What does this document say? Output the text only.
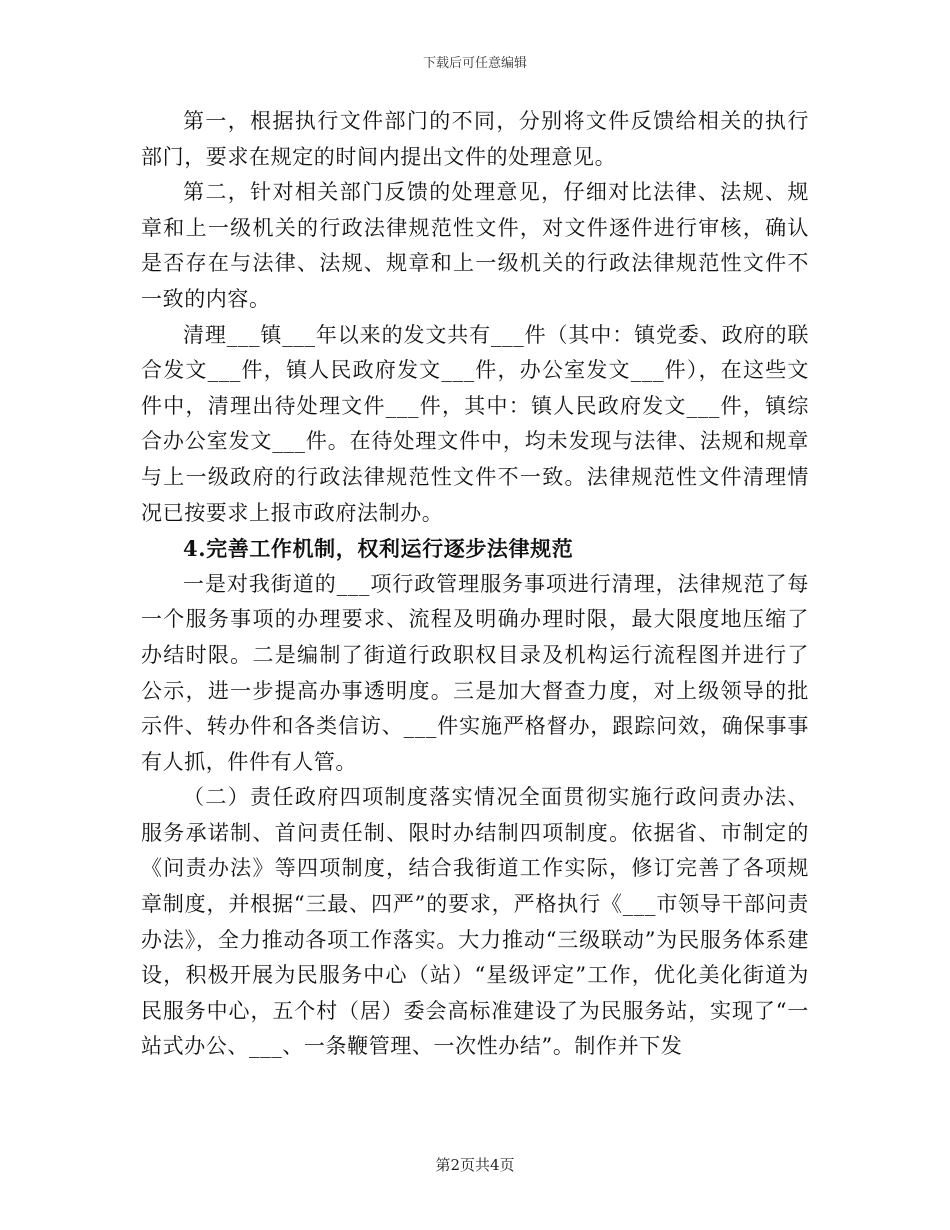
下载后可任意编辑

第一，根据执行文件部门的不同，分别将文件反馈给相关的执行部门，要求在规定的时间内提出文件的处理意见。

第二，针对相关部门反馈的处理意见，仔细对比法律、法规、规章和上一级机关的行政法律规范性文件，对文件逐件进行审核，确认是否存在与法律、法规、规章和上一级机关的行政法律规范性文件不一致的内容。

清理___镇___年以来的发文共有___件（其中：镇党委、政府的联合发文___件，镇人民政府发文___件，办公室发文___件），在这些文件中，清理出待处理文件___件，其中：镇人民政府发文___件，镇综合办公室发文___件。在待处理文件中，均未发现与法律、法规和规章与上一级政府的行政法律规范性文件不一致。法律规范性文件清理情况已按要求上报市政府法制办。

4.完善工作机制，权利运行逐步法律规范

一是对我街道的___项行政管理服务事项进行清理，法律规范了每一个服务事项的办理要求、流程及明确办理时限，最大限度地压缩了办结时限。二是编制了街道行政职权目录及机构运行流程图并进行了公示，进一步提高办事透明度。三是加大督查力度，对上级领导的批示件、转办件和各类信访、___件实施严格督办，跟踪问效，确保事事有人抓，件件有人管。

（二）责任政府四项制度落实情况全面贯彻实施行政问责办法、服务承诺制、首问责任制、限时办结制四项制度。依据省、市制定的《问责办法》等四项制度，结合我街道工作实际，修订完善了各项规章制度，并根据“三最、四严”的要求，严格执行《___市领导干部问责办法》，全力推动各项工作落实。大力推动“三级联动”为民服务体系建设，积极开展为民服务中心（站）“星级评定”工作，优化美化街道为民服务中心，五个村（居）委会高标准建设了为民服务站，实现了“一站式办公、___、一条鞭管理、一次性办结”。制作并下发

第2页共4页
